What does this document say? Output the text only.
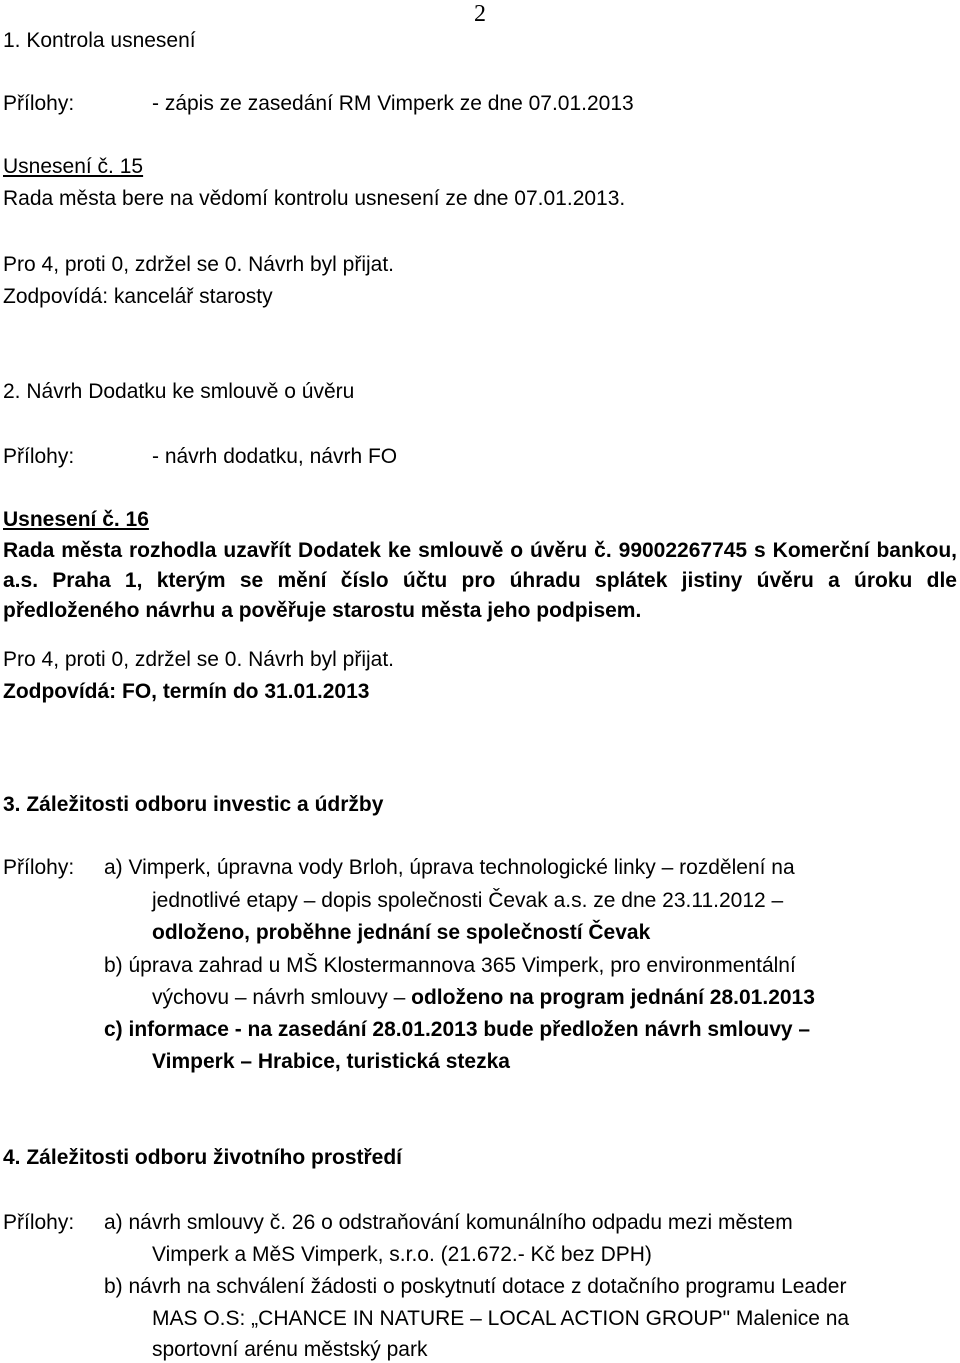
2
1. Kontrola usnesení
Přílohy:	- zápis ze zasedání RM Vimperk ze dne 07.01.2013
Usnesení č. 15
Rada města bere na vědomí kontrolu usnesení ze dne 07.01.2013.
Pro 4, proti 0, zdržel se 0. Návrh byl přijat.
Zodpovídá: kancelář starosty
2. Návrh Dodatku ke smlouvě o úvěru
Přílohy:	- návrh dodatku, návrh FO
Usnesení č. 16
Rada města rozhodla uzavřít Dodatek ke smlouvě o úvěru č. 99002267745 s Komerční bankou, a.s. Praha 1, kterým se mění číslo účtu pro úhradu splátek jistiny úvěru a úroku dle předloženého návrhu a pověřuje starostu města jeho podpisem.
Pro 4, proti 0, zdržel se 0. Návrh byl přijat.
Zodpovídá: FO, termín do 31.01.2013
3. Záležitosti odboru investic a údržby
Přílohy: a) Vimperk, úpravna vody Brloh, úprava technologické linky – rozdělení na
jednotlivé etapy – dopis společnosti Čevak a.s. ze dne 23.11.2012 –
odloženo, proběhne jednání se společností Čevak
b) úprava zahrad u MŠ Klostermannova 365 Vimperk, pro environmentální
výchovu – návrh smlouvy – odloženo na program jednání 28.01.2013
c) informace - na zasedání 28.01.2013 bude předložen návrh smlouvy –
Vimperk – Hrabice, turistická stezka
4. Záležitosti odboru životního prostředí
Přílohy: a) návrh smlouvy č. 26 o odstraňování komunálního odpadu mezi městem
Vimperk a MěS Vimperk, s.r.o. (21.672.- Kč bez DPH)
b) návrh na schválení žádosti o poskytnutí dotace z dotačního programu Leader
MAS O.S: „CHANCE IN NATURE – LOCAL ACTION GROUP" Malenice na
sportovní arénu městský park
